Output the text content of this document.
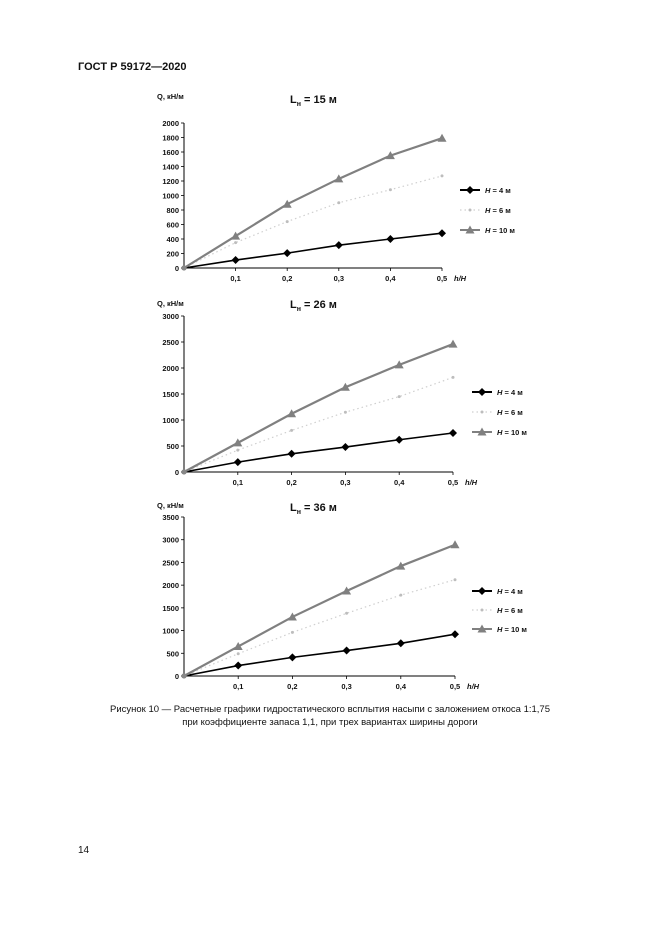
ГОСТ Р 59172—2020
$L_н = 15$ м
Q, кН/м
0
200
400
600
800
1000
1200
1400
1600
1800
2000
0,1	0,2	0,3	0,4	0,5 h/H
H = 4 м
H = 6 м
H = 10 м
$L_н = 26$ м
Q, кН/м
0
500
1000
1500
2000
2500
3000
0,1	0,2	0,3	0,4	0,5 h/H
H = 4 м
H = 6 м
H = 10 м
$L_н = 36$ м
Q, кН/м
0
500
1000
1500
2000
2500
3000
3500
0,1	0,2	0,3	0,4	0,5 h/H
H = 4 м
H = 6 м
H = 10 м
Рисунок 10 — Расчетные графики гидростатического всплытия насыпи с заложением откоса 1:1,75
при коэффициенте запаса 1,1, при трех вариантах ширины дороги
14
